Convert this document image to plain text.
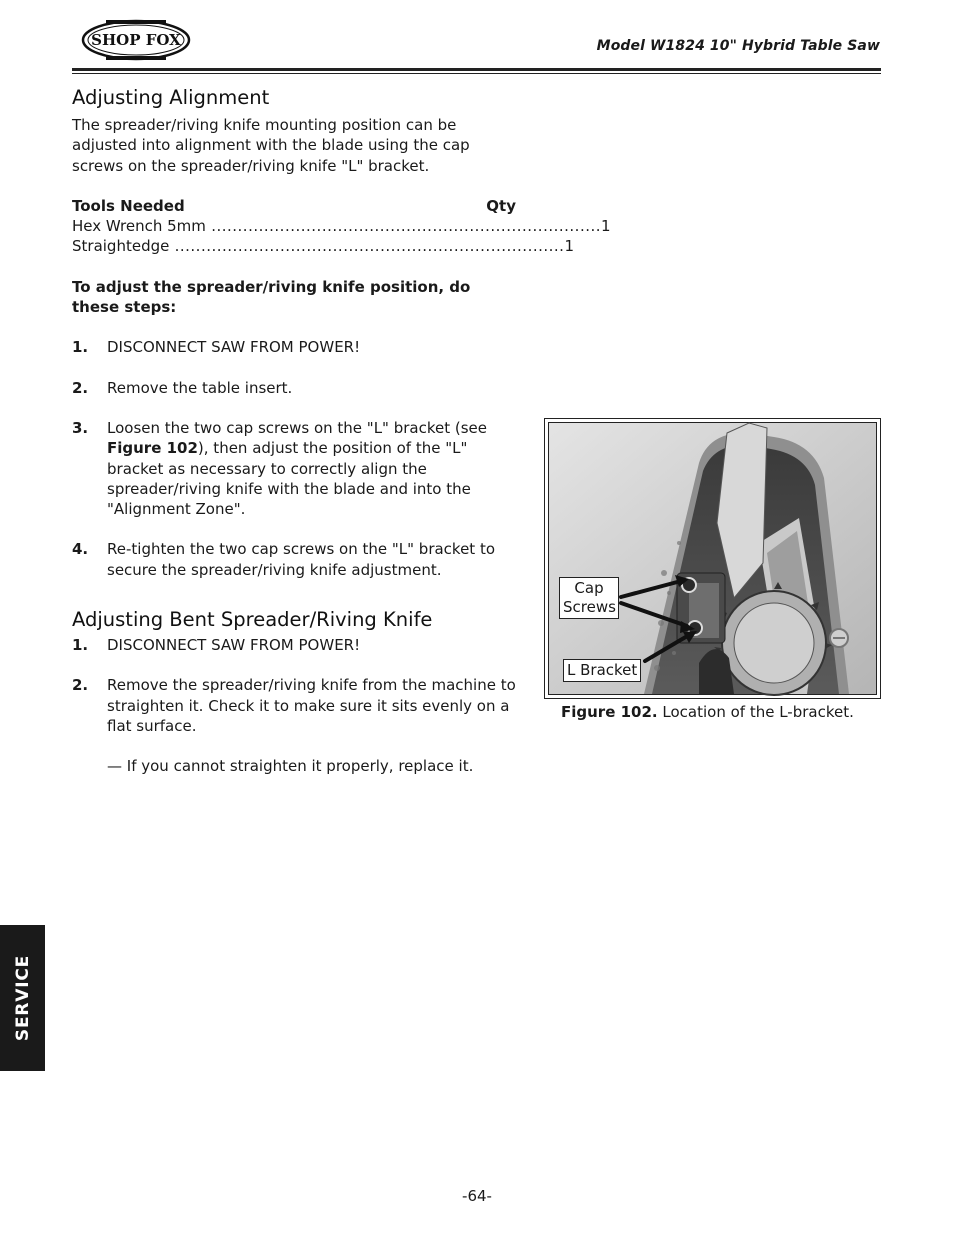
SHOP FOX	Model W1824 10" Hybrid Table Saw
Adjusting Alignment

The spreader/riving knife mounting position can be adjusted into alignment with the blade using the cap screws on the spreader/riving knife "L" bracket.

Tools Needed	Qty
Hex Wrench 5mm .......................................................................... 1
Straightedge .......................................................................... 1

To adjust the spreader/riving knife position, do these steps:

1. DISCONNECT SAW FROM POWER!
2. Remove the table insert.
3. Loosen the two cap screws on the "L" bracket (see Figure 102), then adjust the position of the "L" bracket as necessary to correctly align the spreader/riving knife with the blade and into the "Alignment Zone".
4. Re-tighten the two cap screws on the "L" bracket to secure the spreader/riving knife adjustment.
Adjusting Bent Spreader/Riving Knife
1. DISCONNECT SAW FROM POWER!
2. Remove the spreader/riving knife from the machine to straighten it. Check it to make sure it sits evenly on a flat surface.

— If you cannot straighten it properly, replace it.

Cap Screws
L Bracket
Figure 102. Location of the L-bracket.
SERVICE
-64-
